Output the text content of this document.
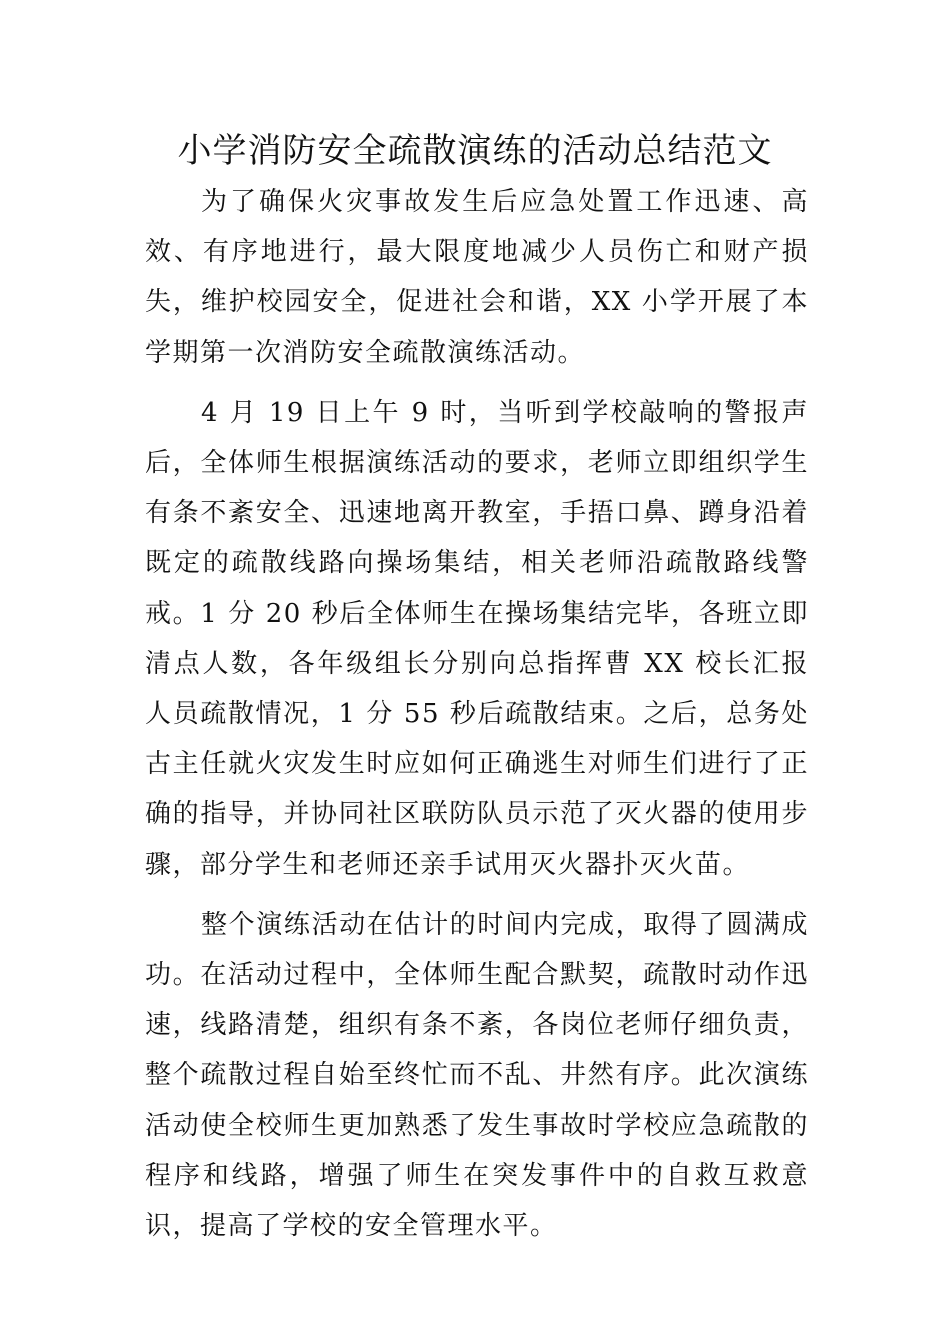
小学消防安全疏散演练的活动总结范文

为了确保火灾事故发生后应急处置工作迅速、高效、有序地进行，最大限度地减少人员伤亡和财产损失，维护校园安全，促进社会和谐，XX 小学开展了本学期第一次消防安全疏散演练活动。

4 月 19 日上午 9 时，当听到学校敲响的警报声后，全体师生根据演练活动的要求，老师立即组织学生有条不紊安全、迅速地离开教室，手捂口鼻、蹲身沿着既定的疏散线路向操场集结，相关老师沿疏散路线警戒。1 分 20 秒后全体师生在操场集结完毕，各班立即清点人数，各年级组长分别向总指挥曹 XX 校长汇报人员疏散情况，1 分 55 秒后疏散结束。之后，总务处古主任就火灾发生时应如何正确逃生对师生们进行了正确的指导，并协同社区联防队员示范了灭火器的使用步骤，部分学生和老师还亲手试用灭火器扑灭火苗。

整个演练活动在估计的时间内完成，取得了圆满成功。在活动过程中，全体师生配合默契，疏散时动作迅速，线路清楚，组织有条不紊，各岗位老师仔细负责，整个疏散过程自始至终忙而不乱、井然有序。此次演练活动使全校师生更加熟悉了发生事故时学校应急疏散的程序和线路，增强了师生在突发事件中的自救互救意识，提高了学校的安全管理水平。
